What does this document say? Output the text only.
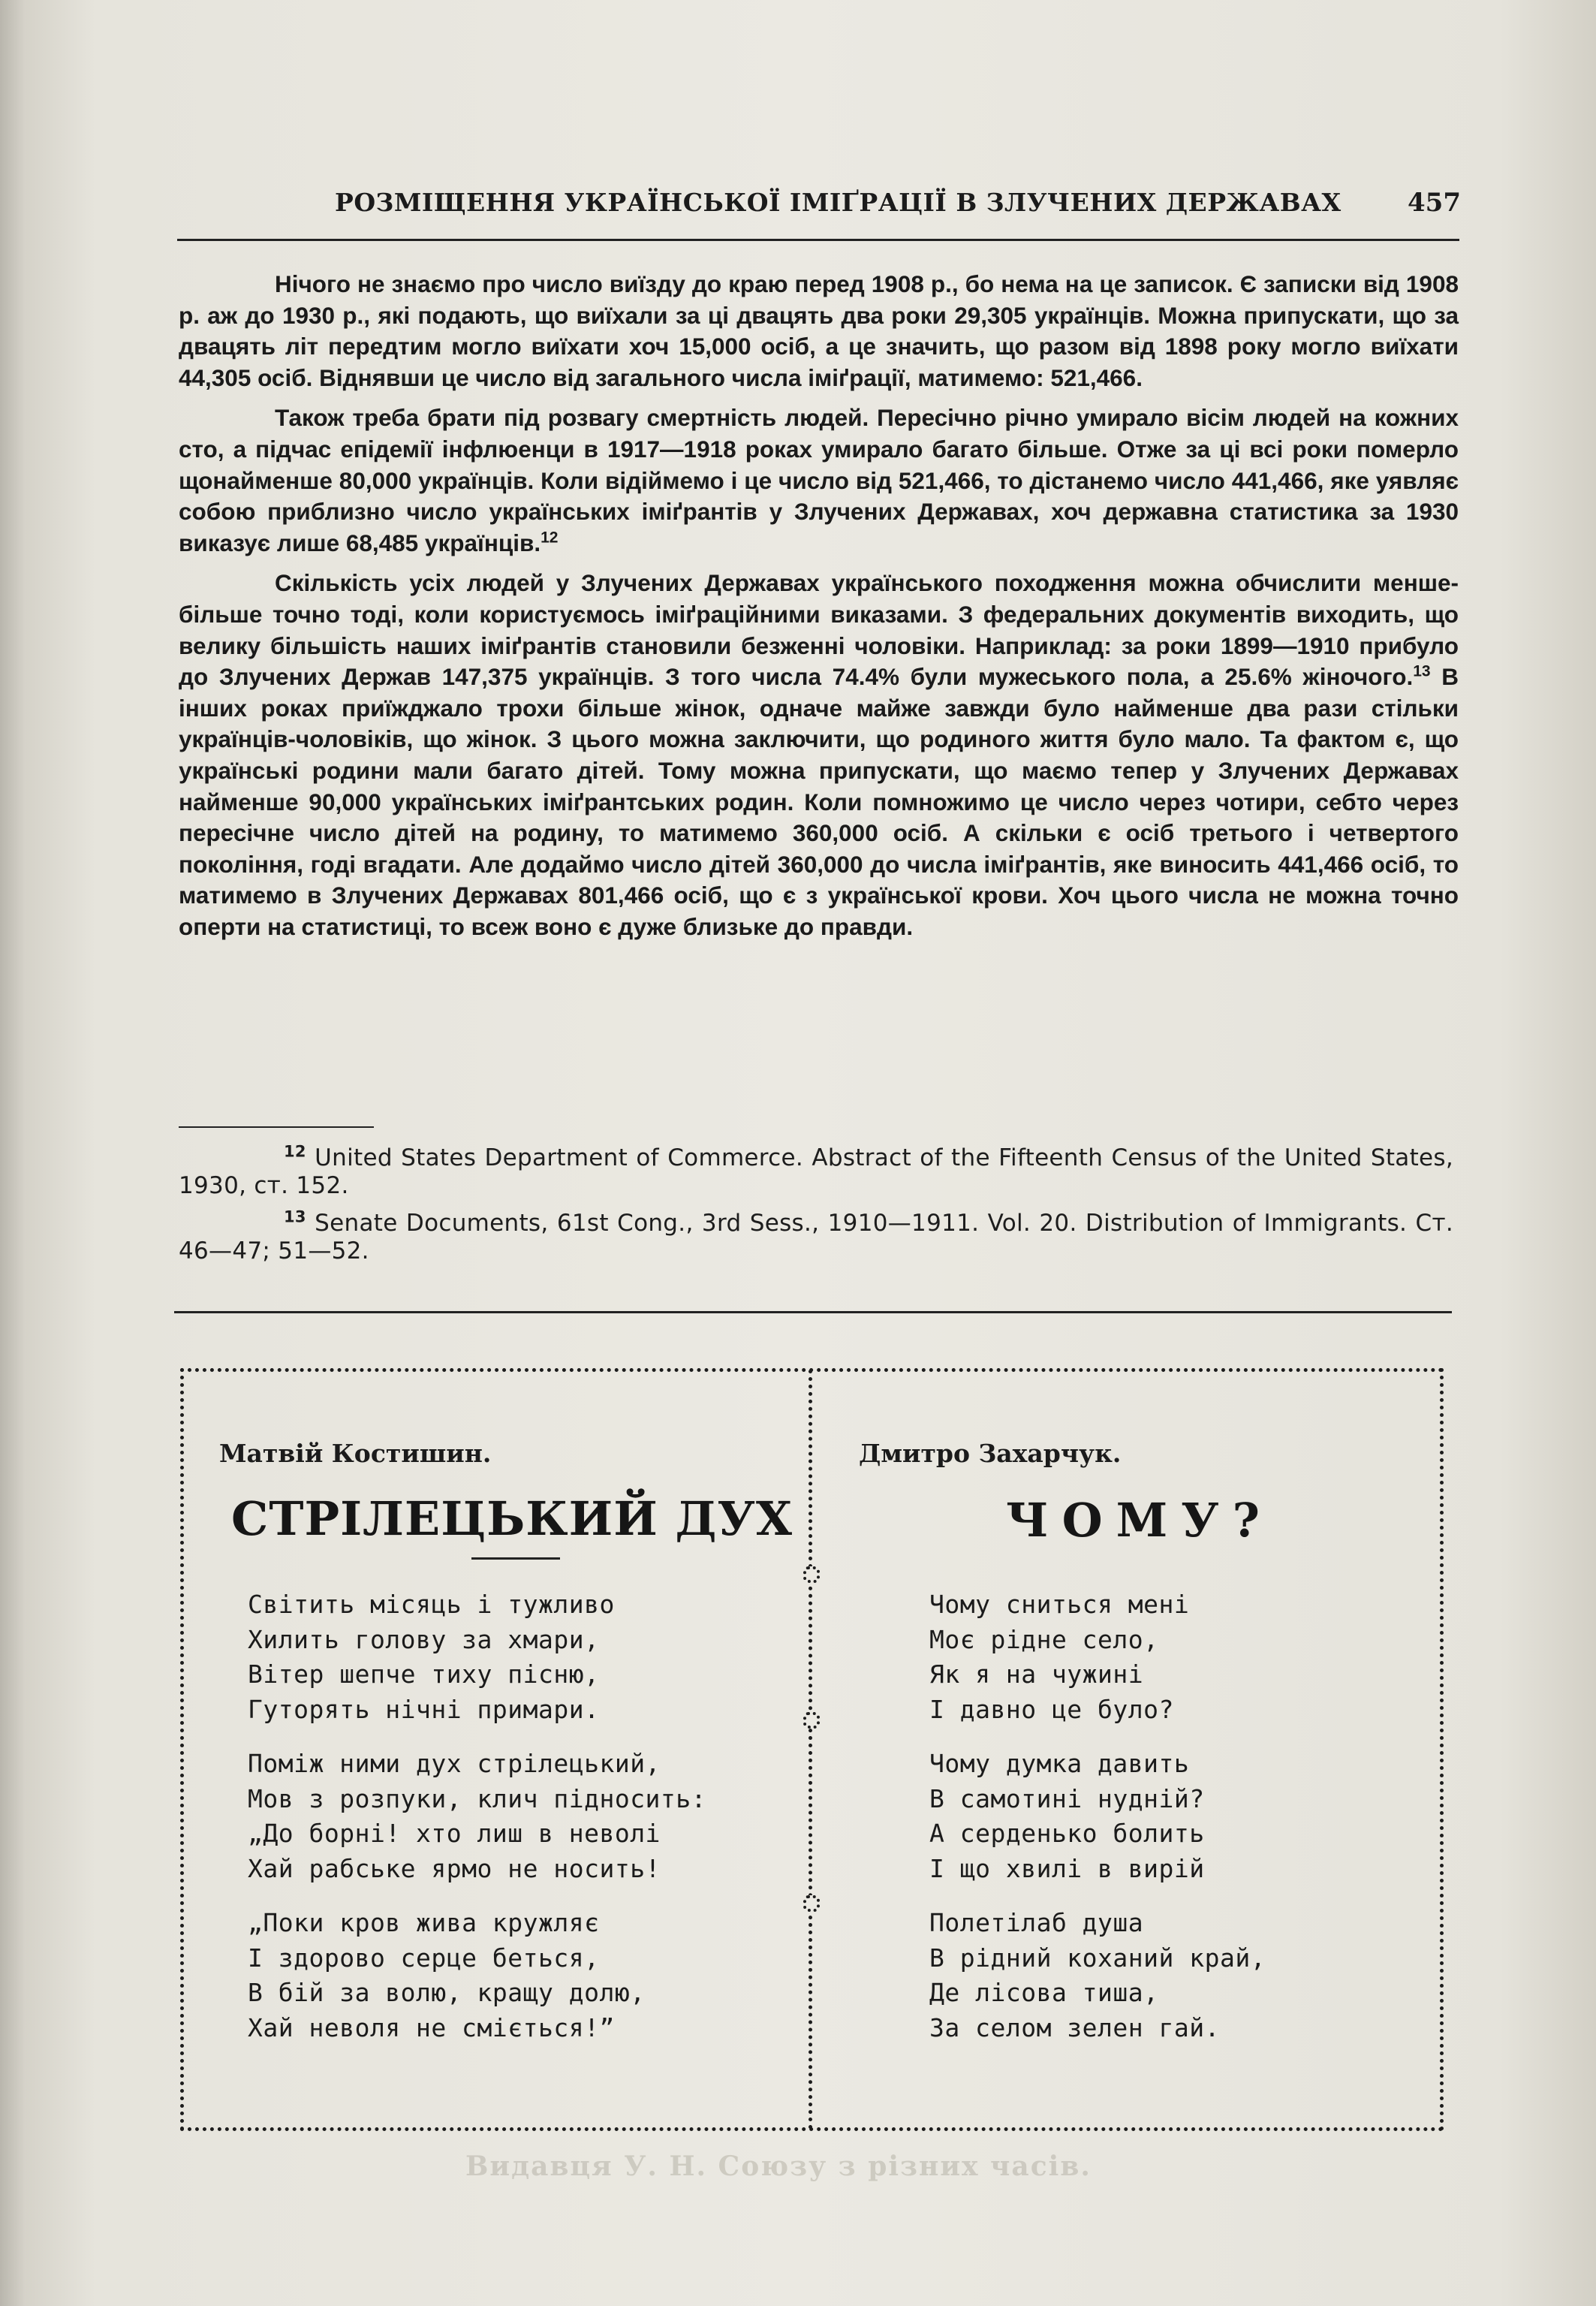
РОЗМІЩЕННЯ УКРАЇНСЬКОЇ ІМІҐРАЦІЇ В ЗЛУЧЕНИХ ДЕРЖАВАХ	457

Нічого не знаємо про число виїзду до краю перед 1908 р., бо нема на це записок. Є записки від 1908 р. аж до 1930 р., які подають, що виїхали за ці двацять два роки 29,305 українців. Можна припускати, що за двацять літ передтим могло виїхати хоч 15,000 осіб, а це значить, що разом від 1898 року могло виїхати 44,305 осіб. Віднявши це число від загального числа іміґрації, матимемо: 521,466.

Також треба брати під розвагу смертність людей. Пересічно річно умирало вісім людей на кожних сто, а підчас епідемії інфлюенци в 1917—1918 роках умирало багато більше. Отже за ці всі роки померло щонайменше 80,000 українців. Коли відіймемо і це число від 521,466, то дістанемо число 441,466, яке уявляє собою приблизно число українських іміґрантів у Злучених Державах, хоч державна статистика за 1930 виказує лише 68,485 українців.$^{12}$

Скількість усіх людей у Злучених Державах українського походження можна обчислити менше-більше точно тоді, коли користуємось іміґраційними виказами. З федеральних документів виходить, що велику більшість наших іміґрантів становили безженні чоловіки. Наприклад: за роки 1899—1910 прибуло до Злучених Держав 147,375 українців. З того числа 74.4% були мужеського пола, а 25.6% жіночого.$^{13}$ В інших роках приїжджало трохи більше жінок, одначе майже завжди було найменше два рази стільки українців-чоловіків, що жінок. З цього можна заключити, що родиного життя було мало. Та фактом є, що українські родини мали багато дітей. Тому можна припускати, що маємо тепер у Злучених Державах найменше 90,000 українських іміґрантських родин. Коли помножимо це число через чотири, себто через пересічне число дітей на родину, то матимемо 360,000 осіб. А скільки є осіб третього і четвертого покоління, годі вгадати. Але додаймо число дітей 360,000 до числа іміґрантів, яке виносить 441,466 осіб, то матимемо в Злучених Державах 801,466 осіб, що є з української крови. Хоч цього числа не можна точно оперти на статистиці, то всеж воно є дуже близьке до правди.

$^{12}$ United States Department of Commerce. Abstract of the Fifteenth Census of the United States, 1930, ст. 152.

$^{13}$ Senate Documents, 61st Cong., 3rd Sess., 1910—1911. Vol. 20. Distribution of Immigrants. Ст. 46—47; 51—52.

Матвій Костишин.
СТРІЛЕЦЬКИЙ ДУХ
Світить місяць і тужливо
Хилить голову за хмари,
Вітер шепче тиху пісню,
Гуторять нічні примари.
Поміж ними дух стрілецький,
Мов з розпуки, клич підносить:
„До борні! хто лиш в неволі
Хай рабське ярмо не носить!
„Поки кров жива кружляє
І здорово серце беться,
В бій за волю, кращу долю,
Хай неволя не сміється!”
Дмитро Захарчук.
ЧОМУ?
Чому сниться мені
Моє рідне село,
Як я на чужині
І давно це було?
Чому думка давить
В самотині нудній?
А серденько болить
І що хвилі в вирій
Полетілаб душа
В рідний коханий край,
Де лісова тиша,
За селом зелен гай.
Видавця У. Н. Союзу з різних часів.
